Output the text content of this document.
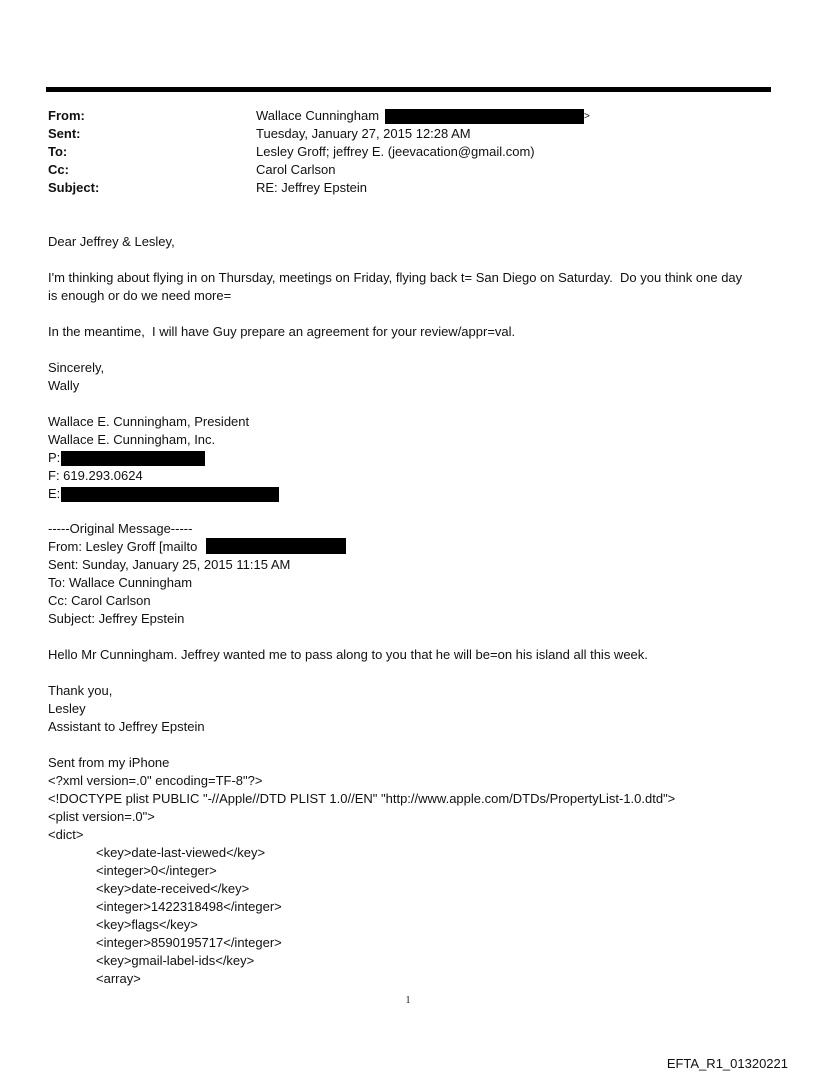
From:	Wallace Cunningham	>
Sent:	Tuesday, January 27, 2015 12:28 AM
To:	Lesley Groff; jeffrey E. (jeevacation@gmail.com)
Cc:	Carol Carlson
Subject:	RE: Jeffrey Epstein
Dear Jeffrey & Lesley,
I'm thinking about flying in on Thursday, meetings on Friday, flying back t= San Diego on Saturday.  Do you think one day
is enough or do we need more=
In the meantime,  I will have Guy prepare an agreement for your review/appr=val.
Sincerely,
Wally
Wallace E. Cunningham, President
Wallace E. Cunningham, Inc.
P:
F: 619.293.0624
E:
-----Original Message-----
From: Lesley Groff [mailto
Sent: Sunday, January 25, 2015 11:15 AM
To: Wallace Cunningham
Cc: Carol Carlson
Subject: Jeffrey Epstein
Hello Mr Cunningham. Jeffrey wanted me to pass along to you that he will be=on his island all this week.
Thank you,
Lesley
Assistant to Jeffrey Epstein
Sent from my iPhone
<?xml version=.0" encoding=TF-8"?>
<!DOCTYPE plist PUBLIC "-//Apple//DTD PLIST 1.0//EN" "http://www.apple.com/DTDs/PropertyList-1.0.dtd">
<plist version=.0">
<dict>
<key>date-last-viewed</key>
<integer>0</integer>
<key>date-received</key>
<integer>1422318498</integer>
<key>flags</key>
<integer>8590195717</integer>
<key>gmail-label-ids</key>
<array>
1
EFTA_R1_01320221
